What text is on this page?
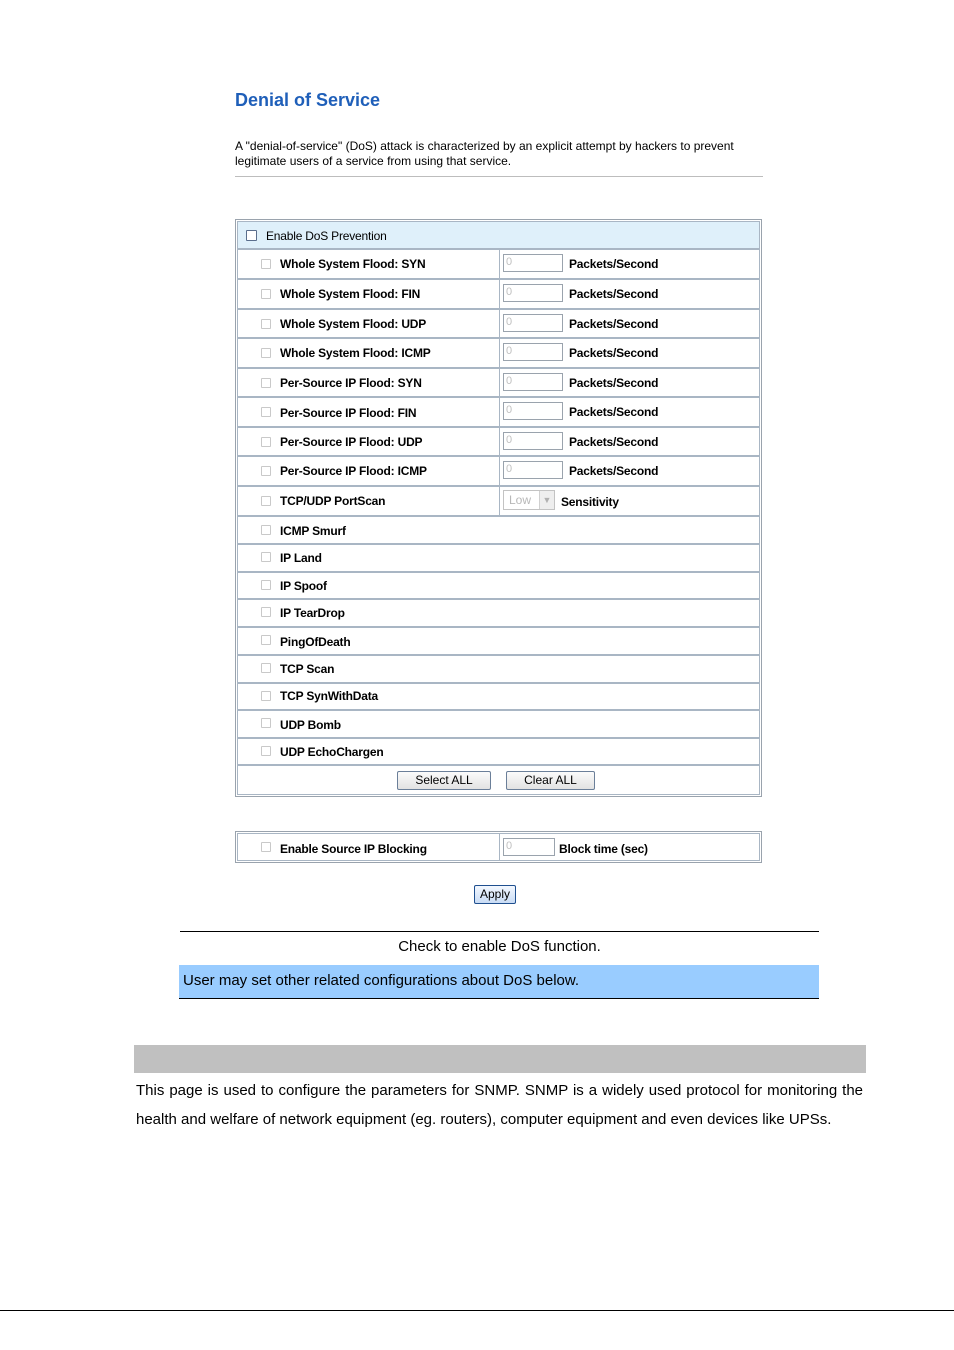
Denial of Service
A "denial-of-service" (DoS) attack is characterized by an explicit attempt by hackers to prevent legitimate users of a service from using that service.
Enable DoS Prevention
Whole System Flood: SYN	0	Packets/Second
Whole System Flood: FIN	0	Packets/Second
Whole System Flood: UDP	0	Packets/Second
Whole System Flood: ICMP	0	Packets/Second
Per-Source IP Flood: SYN	0	Packets/Second
Per-Source IP Flood: FIN	0	Packets/Second
Per-Source IP Flood: UDP	0	Packets/Second
Per-Source IP Flood: ICMP	0	Packets/Second
TCP/UDP PortScan	Low	▼ Sensitivity
ICMP Smurf
IP Land
IP Spoof
IP TearDrop
PingOfDeath
TCP Scan
TCP SynWithData
UDP Bomb
UDP EchoChargen
Select ALL	Clear ALL
Enable Source IP Blocking	0	Block time (sec)
Apply
Check to enable DoS function.
User may set other related configurations about DoS below.
This page is used to configure the parameters for SNMP. SNMP is a widely used protocol for monitoring the health and welfare of network equipment (eg. routers), computer equipment and even devices like UPSs.
